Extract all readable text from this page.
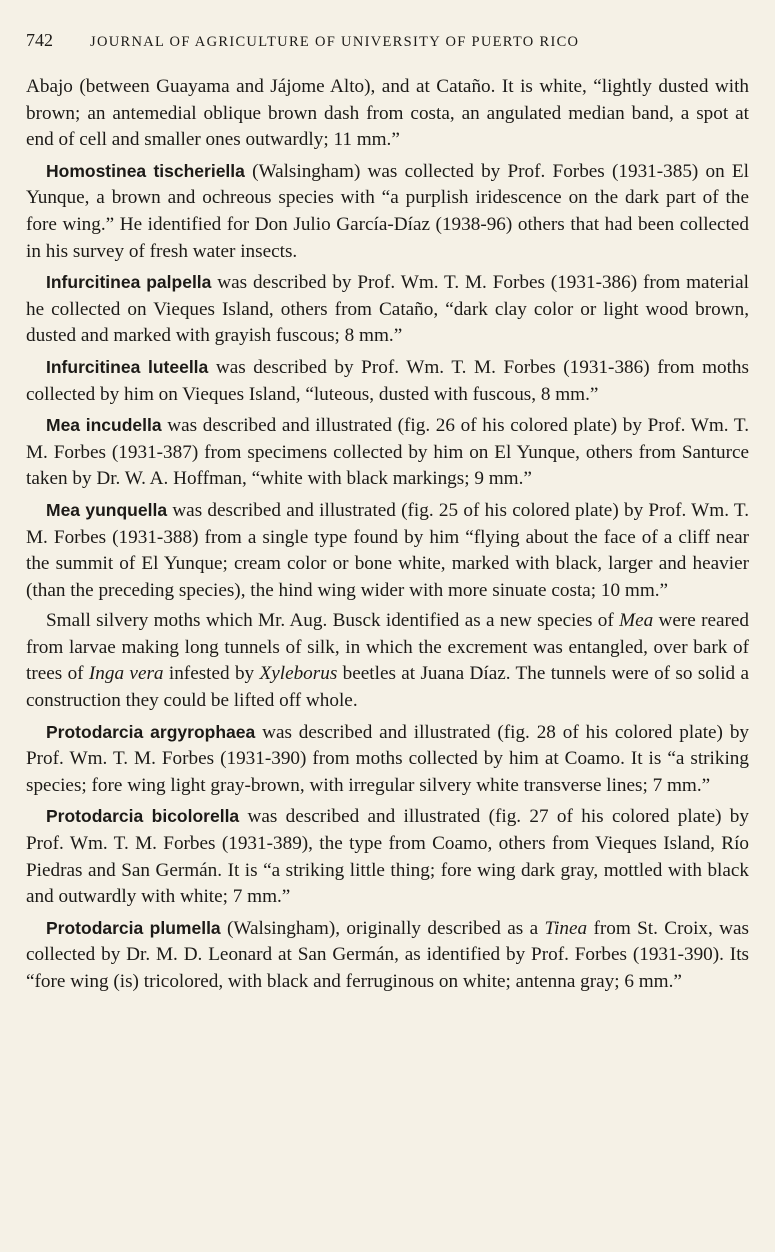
742	JOURNAL OF AGRICULTURE OF UNIVERSITY OF PUERTO RICO

Abajo (between Guayama and Jájome Alto), and at Cataño. It is white, “lightly dusted with brown; an antemedial oblique brown dash from costa, an angulated median band, a spot at end of cell and smaller ones outwardly; 11 mm.”

Homostinea tischeriella (Walsingham) was collected by Prof. Forbes (1931-385) on El Yunque, a brown and ochreous species with “a purplish iridescence on the dark part of the fore wing.” He identified for Don Julio García-Díaz (1938-96) others that had been collected in his survey of fresh water insects.

Infurcitinea palpella was described by Prof. Wm. T. M. Forbes (1931-386) from material he collected on Vieques Island, others from Cataño, “dark clay color or light wood brown, dusted and marked with grayish fuscous; 8 mm.”

Infurcitinea luteella was described by Prof. Wm. T. M. Forbes (1931-386) from moths collected by him on Vieques Island, “luteous, dusted with fuscous, 8 mm.”

Mea incudella was described and illustrated (fig. 26 of his colored plate) by Prof. Wm. T. M. Forbes (1931-387) from specimens collected by him on El Yunque, others from Santurce taken by Dr. W. A. Hoffman, “white with black markings; 9 mm.”

Mea yunquella was described and illustrated (fig. 25 of his colored plate) by Prof. Wm. T. M. Forbes (1931-388) from a single type found by him “flying about the face of a cliff near the summit of El Yunque; cream color or bone white, marked with black, larger and heavier (than the preceding species), the hind wing wider with more sinuate costa; 10 mm.”

Small silvery moths which Mr. Aug. Busck identified as a new species of Mea were reared from larvae making long tunnels of silk, in which the excrement was entangled, over bark of trees of Inga vera infested by Xyleborus beetles at Juana Díaz. The tunnels were of so solid a construction they could be lifted off whole.

Protodarcia argyrophaea was described and illustrated (fig. 28 of his colored plate) by Prof. Wm. T. M. Forbes (1931-390) from moths collected by him at Coamo. It is “a striking species; fore wing light gray-brown, with irregular silvery white transverse lines; 7 mm.”

Protodarcia bicolorella was described and illustrated (fig. 27 of his colored plate) by Prof. Wm. T. M. Forbes (1931-389), the type from Coamo, others from Vieques Island, Río Piedras and San Germán. It is “a striking little thing; fore wing dark gray, mottled with black and outwardly with white; 7 mm.”

Protodarcia plumella (Walsingham), originally described as a Tinea from St. Croix, was collected by Dr. M. D. Leonard at San Germán, as identified by Prof. Forbes (1931-390). Its “fore wing (is) tricolored, with black and ferruginous on white; antenna gray; 6 mm.”
